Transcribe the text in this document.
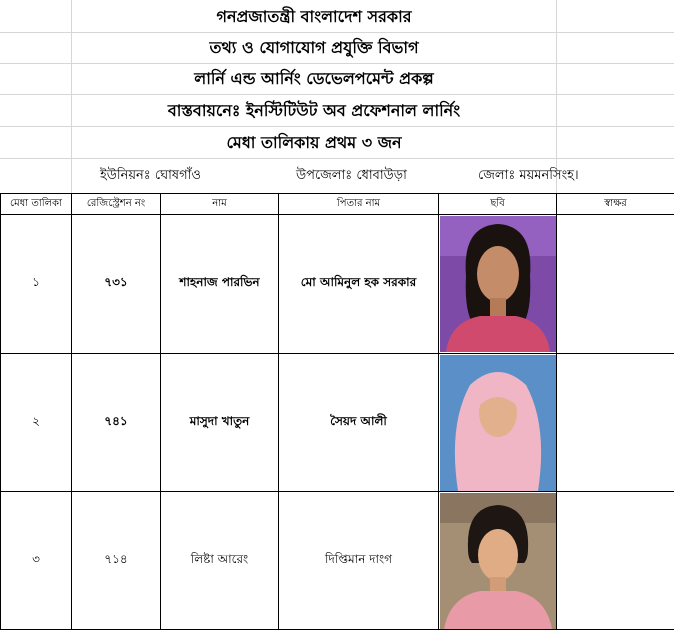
গনপ্রজাতন্ত্রী বাংলাদেশ সরকার
তথ্য ও যোগাযোগ প্রযুক্তি বিভাগ
লার্নি এন্ড আর্নিং ডেভেলপমেন্ট প্রকল্প
বাস্তবায়নেঃ ইনস্টিটিউট অব প্রফেশনাল লার্নিং
মেধা তালিকায় প্রথম ৩ জন
ইউনিয়নঃ ঘোষগাঁও	উপজেলাঃ ধোবাউড়া	জেলাঃ ময়মনসিংহ।
মেধা তালিকা	রেজিস্ট্রেশন নং	নাম	পিতার নাম	ছবি	স্বাক্ষর
১	৭৩১	শাহনাজ পারভিন	মো আমিনুল হক সরকার	

২	৭৪১	মাসুদা খাতুন	সৈয়দ আলী	

৩	৭১৪	লিষ্টা আরেং	দিপ্তিমান দাংগ	
